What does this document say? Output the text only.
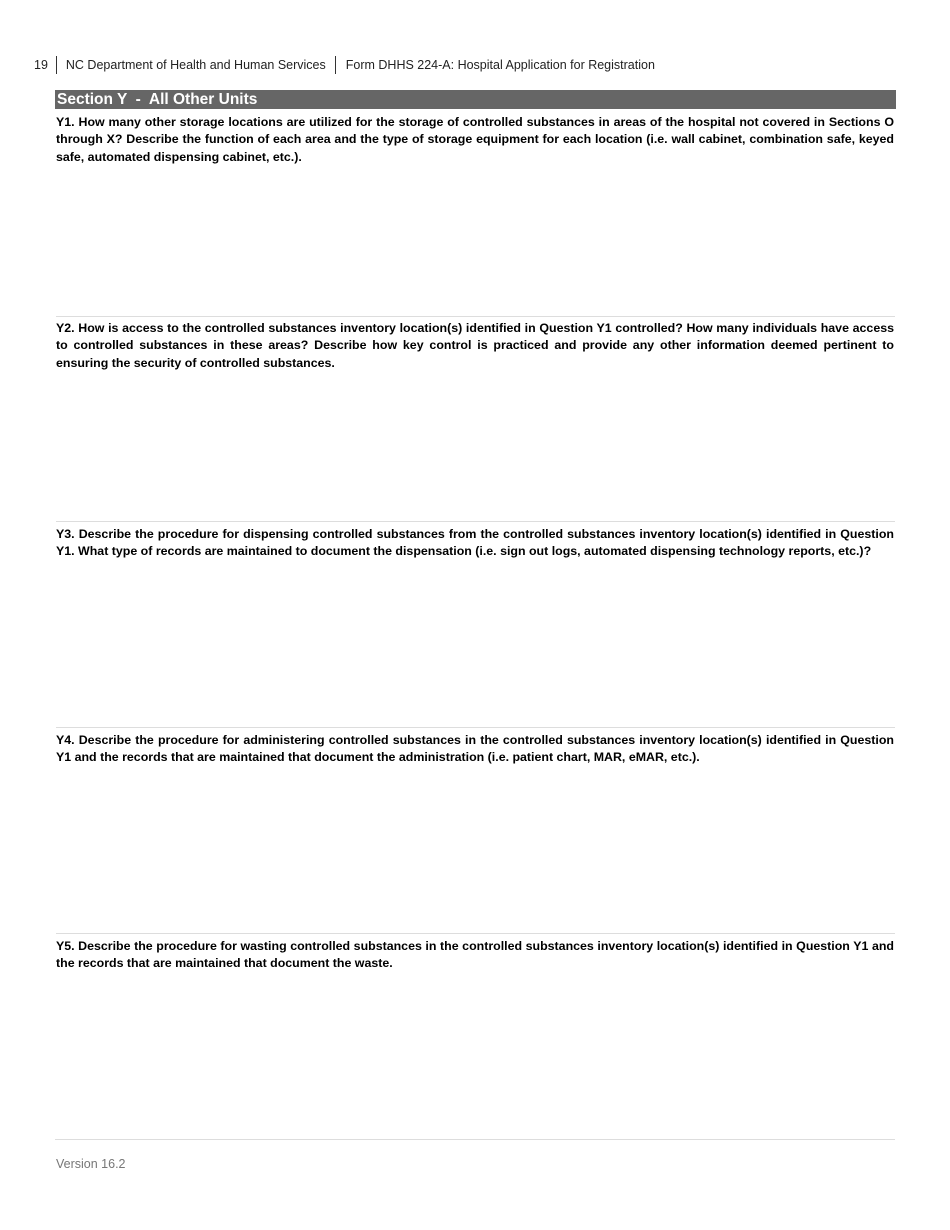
19	NC Department of Health and Human Services	Form DHHS 224-A: Hospital Application for Registration
Section Y  -  All Other Units

Y1. How many other storage locations are utilized for the storage of controlled substances in areas of the hospital not covered in Sections O through X? Describe the function of each area and the type of storage equipment for each location (i.e. wall cabinet, combination safe, keyed safe, automated dispensing cabinet, etc.).

Y2. How is access to the controlled substances inventory location(s) identified in Question Y1 controlled? How many individuals have access to controlled substances in these areas? Describe how key control is practiced and provide any other information deemed pertinent to ensuring the security of controlled substances.

Y3. Describe the procedure for dispensing controlled substances from the controlled substances inventory location(s) identified in Question Y1. What type of records are maintained to document the dispensation (i.e. sign out logs, automated dispensing technology reports, etc.)?

Y4. Describe the procedure for administering controlled substances in the controlled substances inventory location(s) identified in Question Y1 and the records that are maintained that document the administration (i.e. patient chart, MAR, eMAR, etc.).

Y5. Describe the procedure for wasting controlled substances in the controlled substances inventory location(s) identified in Question Y1 and the records that are maintained that document the waste.

Version 16.2
